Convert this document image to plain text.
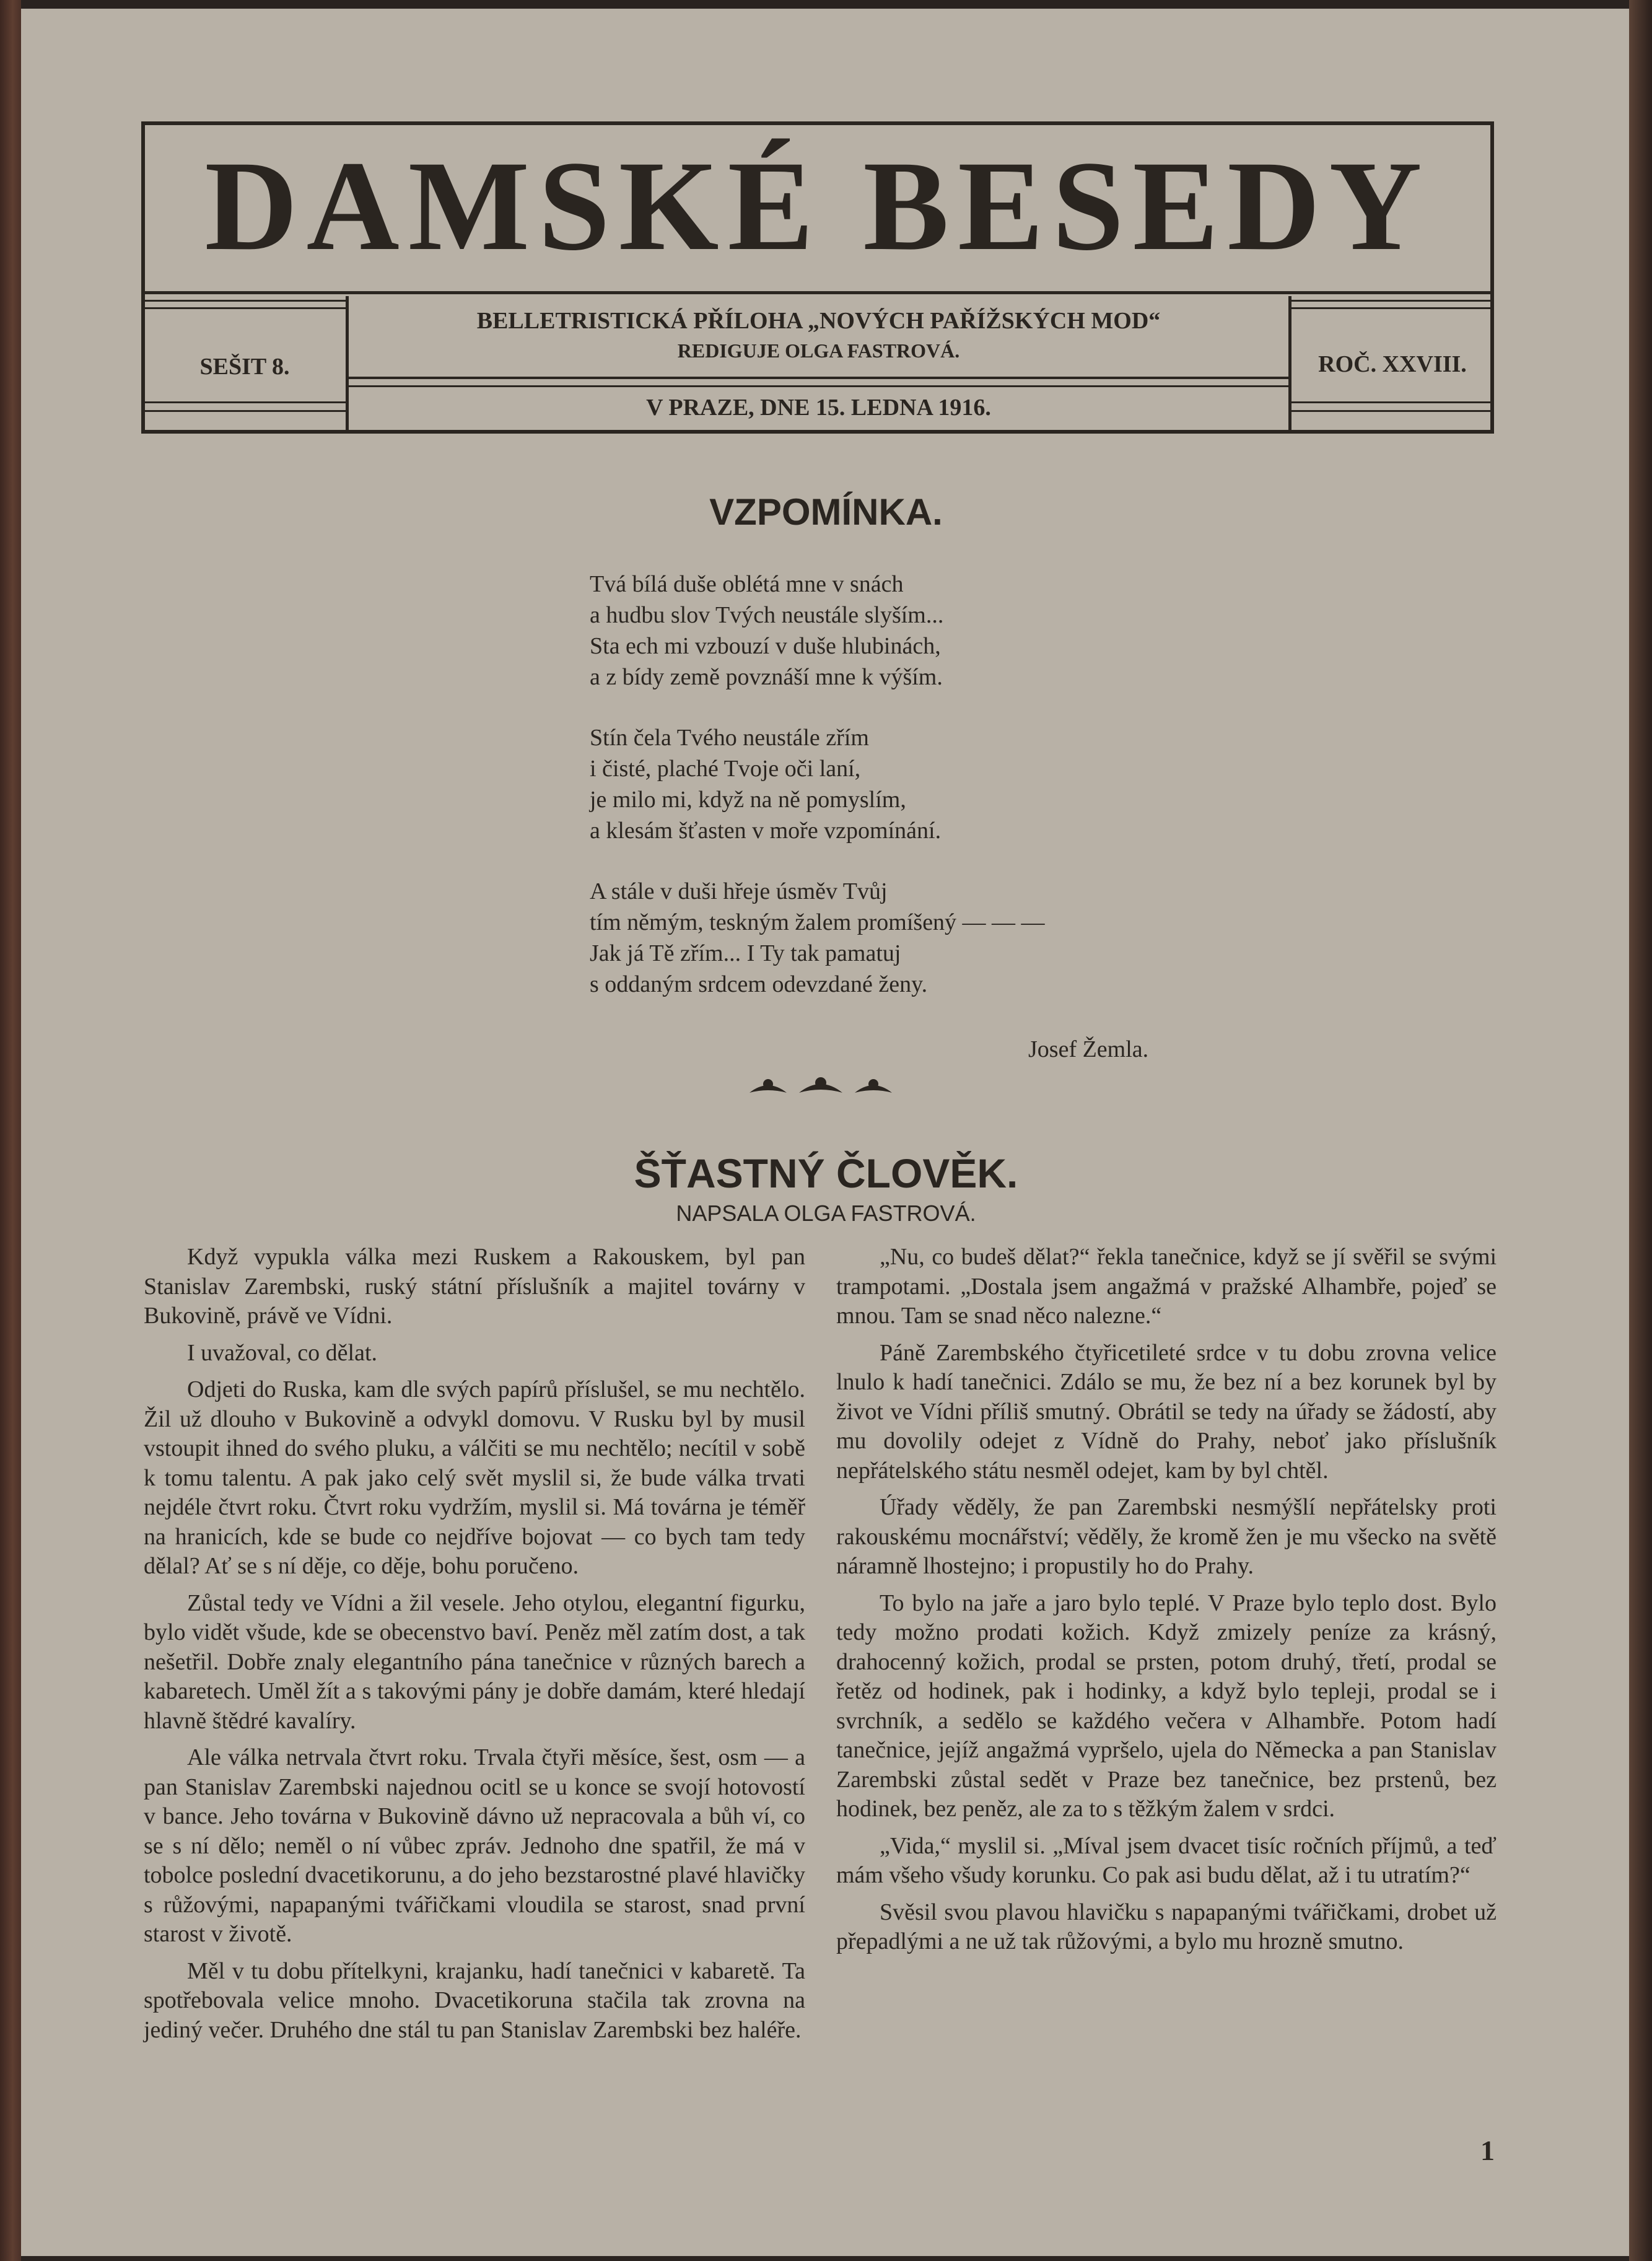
DAMSKÉ BESEDY
BELLETRISTICKÁ PŘÍLOHA „NOVÝCH PAŘÍŽSKÝCH MOD“
REDIGUJE OLGA FASTROVÁ.
SEŠIT 8.	ROČ. XXVIII.
V PRAZE, DNE 15. LEDNA 1916.
VZPOMÍNKA.
Tvá bílá duše oblétá mne v snách
a hudbu slov Tvých neustále slyším...
Sta ech mi vzbouzí v duše hlubinách,
a z bídy země povznáší mne k výším.
Stín čela Tvého neustále zřím
i čisté, plaché Tvoje oči laní,
je milo mi, když na ně pomyslím,
a klesám šťasten v moře vzpomínání.
A stále v duši hřeje úsměv Tvůj
tím němým, teskným žalem promíšený — — —
Jak já Tě zřím... I Ty tak pamatuj
s oddaným srdcem odevzdané ženy.
Josef Žemla.
ŠŤASTNÝ ČLOVĚK.
NAPSALA OLGA FASTROVÁ.

Když vypukla válka mezi Ruskem a Rakouskem, byl pan Stanislav Zarembski, ruský státní příslušník a majitel továrny v Bukovině, právě ve Vídni.

I uvažoval, co dělat.

Odjeti do Ruska, kam dle svých papírů příslušel, se mu nechtělo. Žil už dlouho v Bukovině a odvykl domovu. V Rusku byl by musil vstoupit ihned do svého pluku, a válčiti se mu nechtělo; necítil v sobě k tomu talentu. A pak jako celý svět myslil si, že bude válka trvati nejdéle čtvrt roku. Čtvrt roku vydržím, myslil si. Má továrna je téměř na hranicích, kde se bude co nejdříve bojovat — co bych tam tedy dělal? Ať se s ní děje, co děje, bohu poručeno.

Zůstal tedy ve Vídni a žil vesele. Jeho otylou, elegantní figurku, bylo vidět všude, kde se obecenstvo baví. Peněz měl zatím dost, a tak nešetřil. Dobře znaly elegantního pána tanečnice v různých barech a kabaretech. Uměl žít a s takovými pány je dobře damám, které hledají hlavně štědré kavalíry.

Ale válka netrvala čtvrt roku. Trvala čtyři měsíce, šest, osm — a pan Stanislav Zarembski najednou ocitl se u konce se svojí hotovostí v bance. Jeho továrna v Bukovině dávno už nepracovala a bůh ví, co se s ní dělo; neměl o ní vůbec zpráv. Jednoho dne spatřil, že má v tobolce poslední dvacetikorunu, a do jeho bezstarostné plavé hlavičky s růžovými, napapanými tvářičkami vloudila se starost, snad první starost v životě.

Měl v tu dobu přítelkyni, krajanku, hadí tanečnici v kabaretě. Ta spotřebovala velice mnoho. Dvacetikoruna stačila tak zrovna na jediný večer. Druhého dne stál tu pan Stanislav Zarembski bez haléře.

„Nu, co budeš dělat?“ řekla tanečnice, když se jí svěřil se svými trampotami. „Dostala jsem angažmá v pražské Alhambře, pojeď se mnou. Tam se snad něco nalezne.“

Páně Zarembského čtyřicetileté srdce v tu dobu zrovna velice lnulo k hadí tanečnici. Zdálo se mu, že bez ní a bez korunek byl by život ve Vídni příliš smutný. Obrátil se tedy na úřady se žádostí, aby mu dovolily odejet z Vídně do Prahy, neboť jako příslušník nepřátelského státu nesměl odejet, kam by byl chtěl.

Úřady věděly, že pan Zarembski nesmýšlí nepřátelsky proti rakouskému mocnářství; věděly, že kromě žen je mu všecko na světě náramně lhostejno; i propustily ho do Prahy.

To bylo na jaře a jaro bylo teplé. V Praze bylo teplo dost. Bylo tedy možno prodati kožich. Když zmizely peníze za krásný, drahocenný kožich, prodal se prsten, potom druhý, třetí, prodal se řetěz od hodinek, pak i hodinky, a když bylo tepleji, prodal se i svrchník, a sedělo se každého večera v Alhambře. Potom hadí tanečnice, jejíž angažmá vypršelo, ujela do Německa a pan Stanislav Zarembski zůstal sedět v Praze bez tanečnice, bez prstenů, bez hodinek, bez peněz, ale za to s těžkým žalem v srdci.

„Vida,“ myslil si. „Míval jsem dvacet tisíc ročních příjmů, a teď mám všeho všudy korunku. Co pak asi budu dělat, až i tu utratím?“

Svěsil svou plavou hlavičku s napapanými tvářičkami, drobet už přepadlými a ne už tak růžovými, a bylo mu hrozně smutno.

1
